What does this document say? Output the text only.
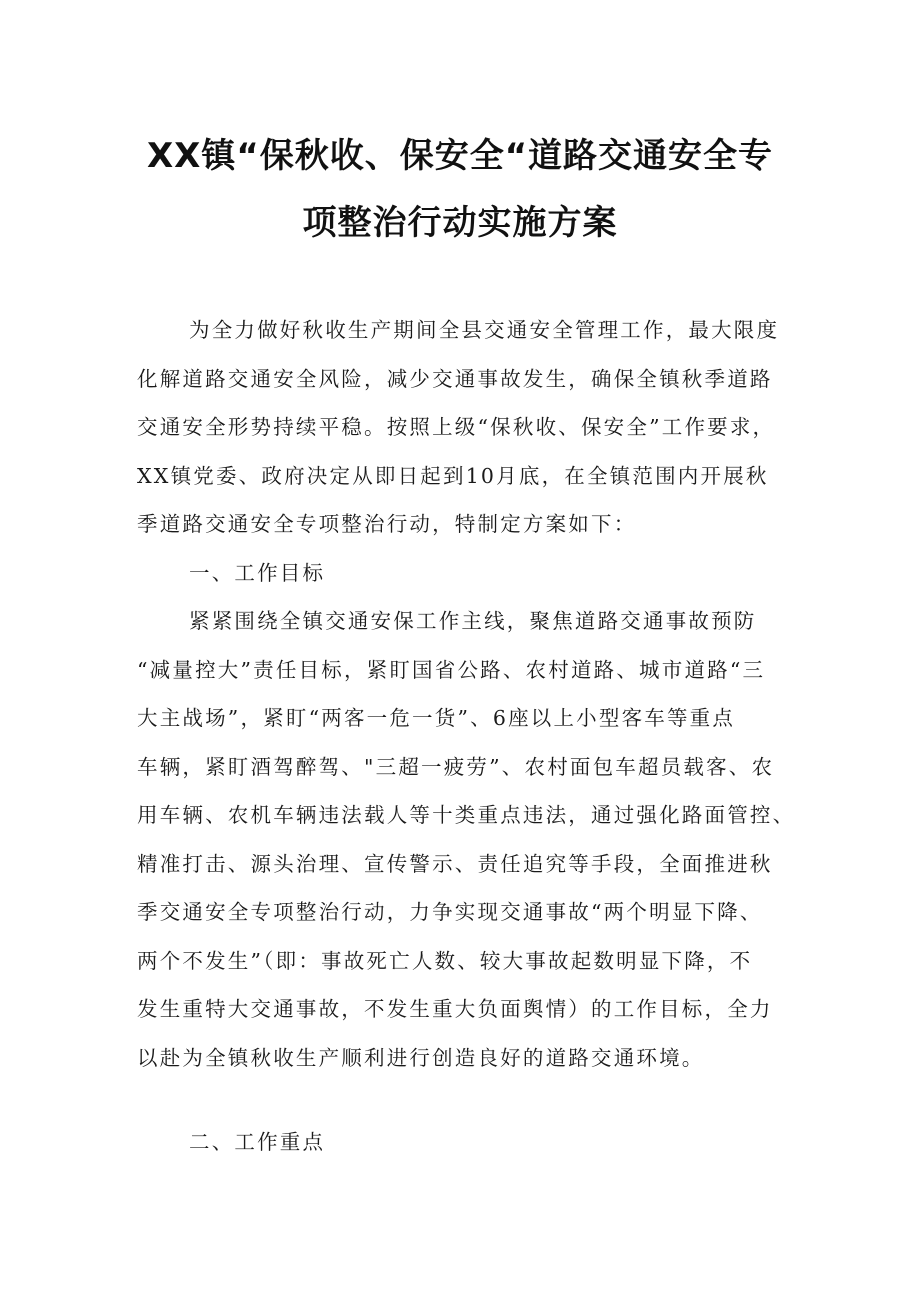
XX镇“保秋收、保安全“道路交通安全专
项整治行动实施方案
为全力做好秋收生产期间全县交通安全管理工作，最大限度
化解道路交通安全风险，减少交通事故发生，确保全镇秋季道路
交通安全形势持续平稳。按照上级“保秋收、保安全”工作要求，
XX镇党委、政府决定从即日起到10月底，在全镇范围内开展秋
季道路交通安全专项整治行动，特制定方案如下：
一、工作目标
紧紧围绕全镇交通安保工作主线，聚焦道路交通事故预防
“减量控大”责任目标，紧盯国省公路、农村道路、城市道路“三
大主战场”，紧盯“两客一危一货”、6座以上小型客车等重点
车辆，紧盯酒驾醉驾、"三超一疲劳”、农村面包车超员载客、农
用车辆、农机车辆违法载人等十类重点违法，通过强化路面管控、
精准打击、源头治理、宣传警示、责任追究等手段，全面推进秋
季交通安全专项整治行动，力争实现交通事故“两个明显下降、
两个不发生”（即：事故死亡人数、较大事故起数明显下降，不
发生重特大交通事故，不发生重大负面舆情）的工作目标，全力
以赴为全镇秋收生产顺利进行创造良好的道路交通环境。
二、工作重点
